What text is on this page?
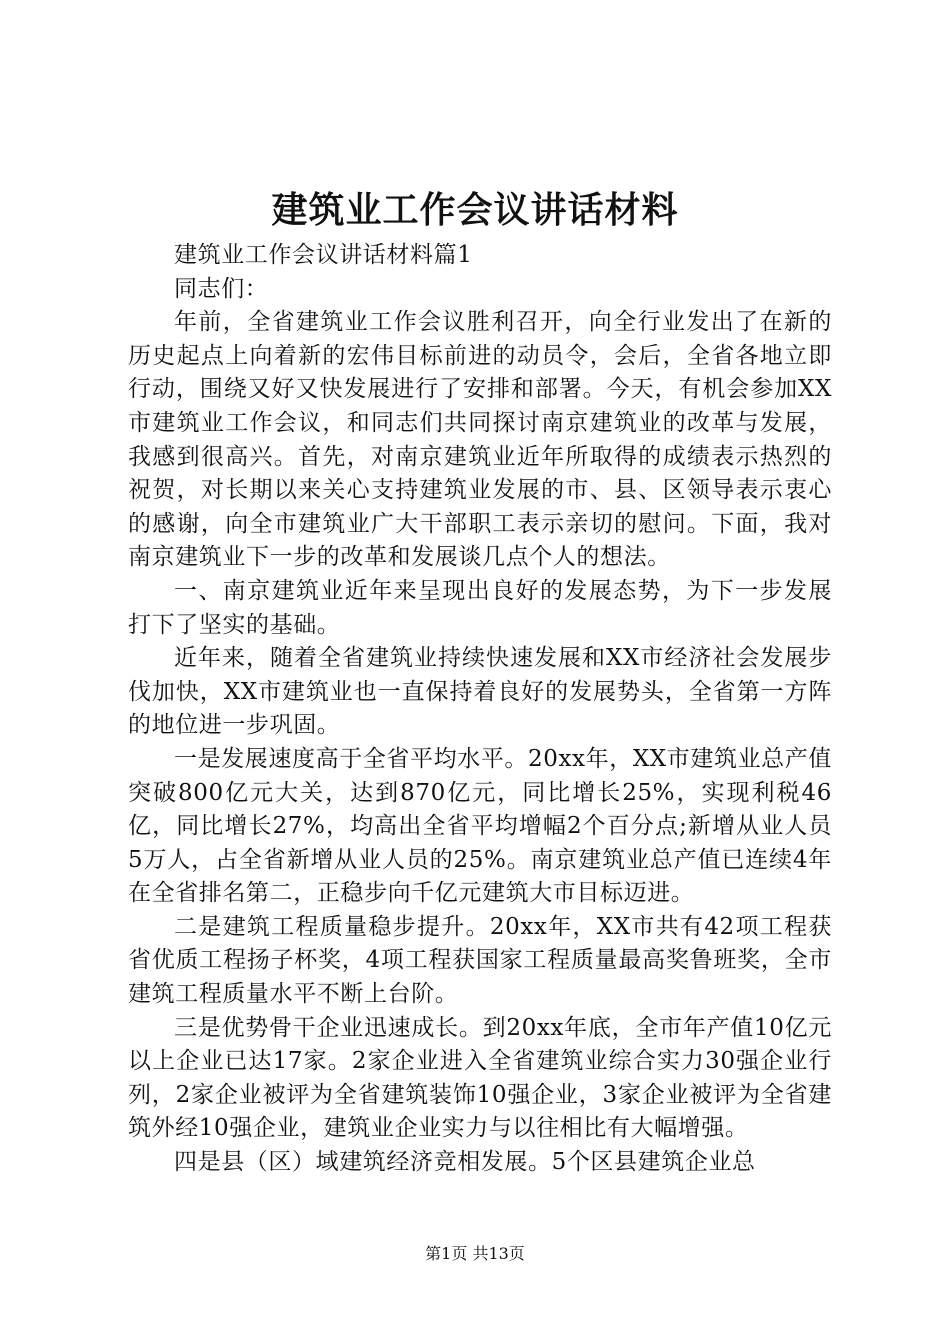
建筑业工作会议讲话材料

建筑业工作会议讲话材料篇1

同志们：

年前，全省建筑业工作会议胜利召开，向全行业发出了在新的历史起点上向着新的宏伟目标前进的动员令，会后，全省各地立即行动，围绕又好又快发展进行了安排和部署。今天，有机会参加XX市建筑业工作会议，和同志们共同探讨南京建筑业的改革与发展，我感到很高兴。首先，对南京建筑业近年所取得的成绩表示热烈的祝贺，对长期以来关心支持建筑业发展的市、县、区领导表示衷心的感谢，向全市建筑业广大干部职工表示亲切的慰问。下面，我对南京建筑业下一步的改革和发展谈几点个人的想法。

一、南京建筑业近年来呈现出良好的发展态势，为下一步发展打下了坚实的基础。

近年来，随着全省建筑业持续快速发展和XX市经济社会发展步伐加快，XX市建筑业也一直保持着良好的发展势头，全省第一方阵的地位进一步巩固。

一是发展速度高于全省平均水平。20xx年，XX市建筑业总产值突破800亿元大关，达到870亿元，同比增长25%，实现利税46亿，同比增长27%，均高出全省平均增幅2个百分点;新增从业人员5万人，占全省新增从业人员的25%。南京建筑业总产值已连续4年在全省排名第二，正稳步向千亿元建筑大市目标迈进。

二是建筑工程质量稳步提升。20xx年，XX市共有42项工程获省优质工程扬子杯奖，4项工程获国家工程质量最高奖鲁班奖，全市建筑工程质量水平不断上台阶。

三是优势骨干企业迅速成长。到20xx年底，全市年产值10亿元以上企业已达17家。2家企业进入全省建筑业综合实力30强企业行列，2家企业被评为全省建筑装饰10强企业，3家企业被评为全省建筑外经10强企业，建筑业企业实力与以往相比有大幅增强。

四是县（区）域建筑经济竞相发展。5个区县建筑企业总

第1页 共13页
